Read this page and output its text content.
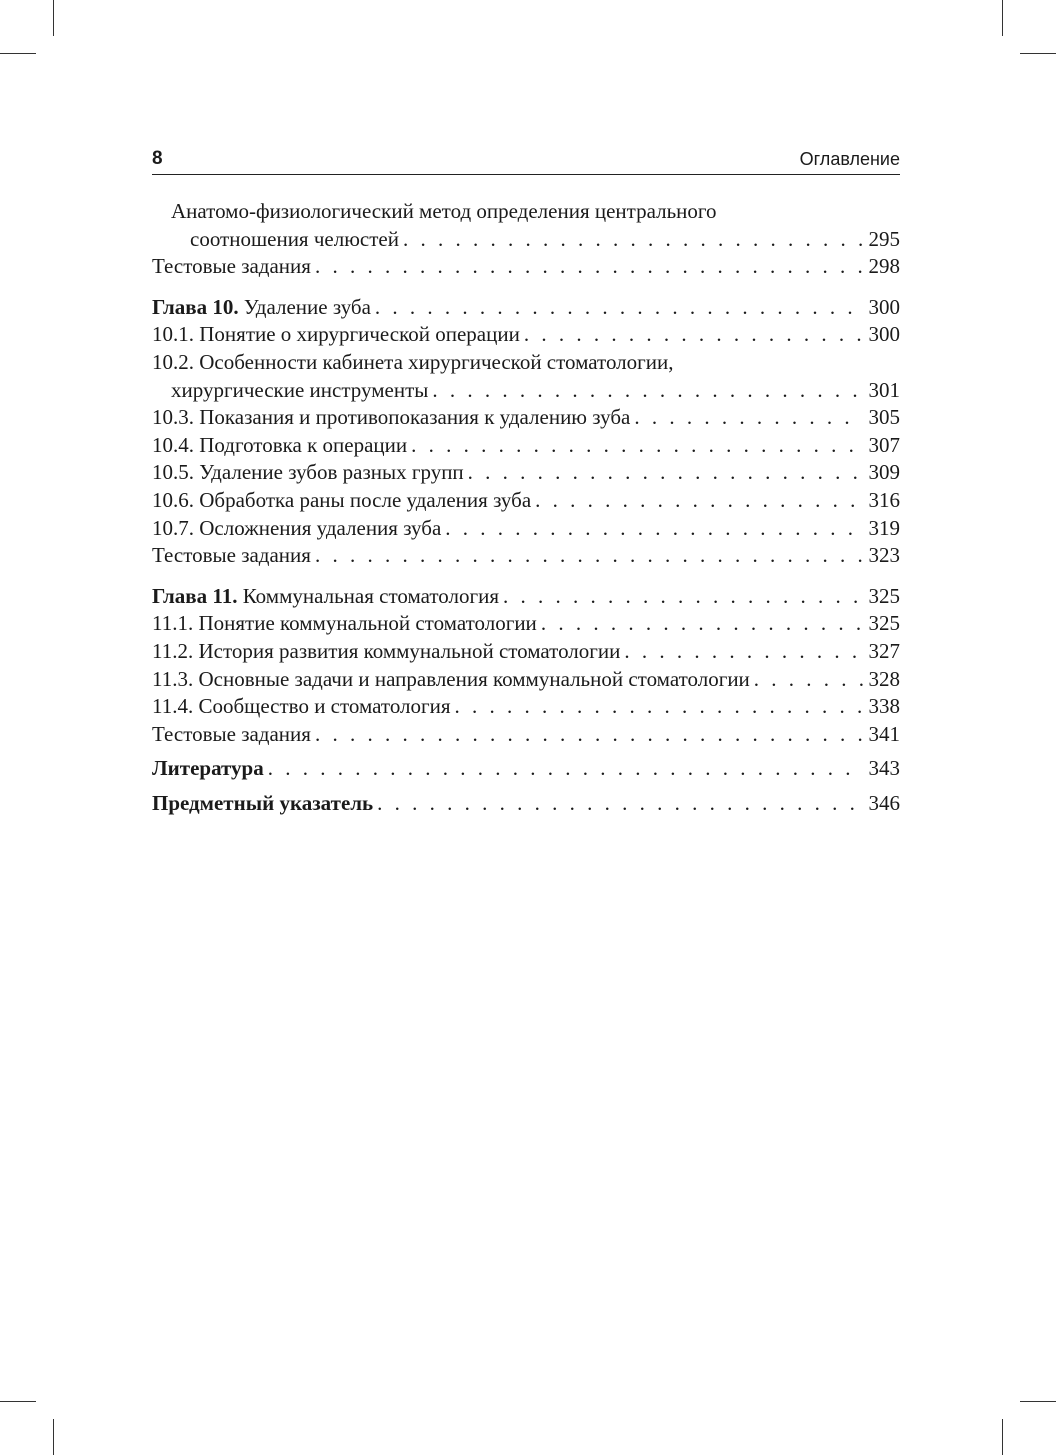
8	Оглавление
Анатомо-физиологический метод определения центрального
соотношения челюстей . . .	295
Тестовые задания . . .	298
Глава 10. Удаление зуба . . .	300
10.1. Понятие о хирургической операции . . .	300
10.2. Особенности кабинета хирургической стоматологии,
хирургические инструменты . . .	301
10.3. Показания и противопоказания к удалению зуба . . .	305
10.4. Подготовка к операции . . .	307
10.5. Удаление зубов разных групп . . .	309
10.6. Обработка раны после удаления зуба . . .	316
10.7. Осложнения удаления зуба . . .	319
Тестовые задания . . .	323
Глава 11. Коммунальная стоматология . . .	325
11.1. Понятие коммунальной стоматологии . . .	325
11.2. История развития коммунальной стоматологии . . .	327
11.3. Основные задачи и направления коммунальной стоматологии . . .	328
11.4. Сообщество и стоматология . . .	338
Тестовые задания . . .	341
Литература . . .	343
Предметный указатель . . .	346
